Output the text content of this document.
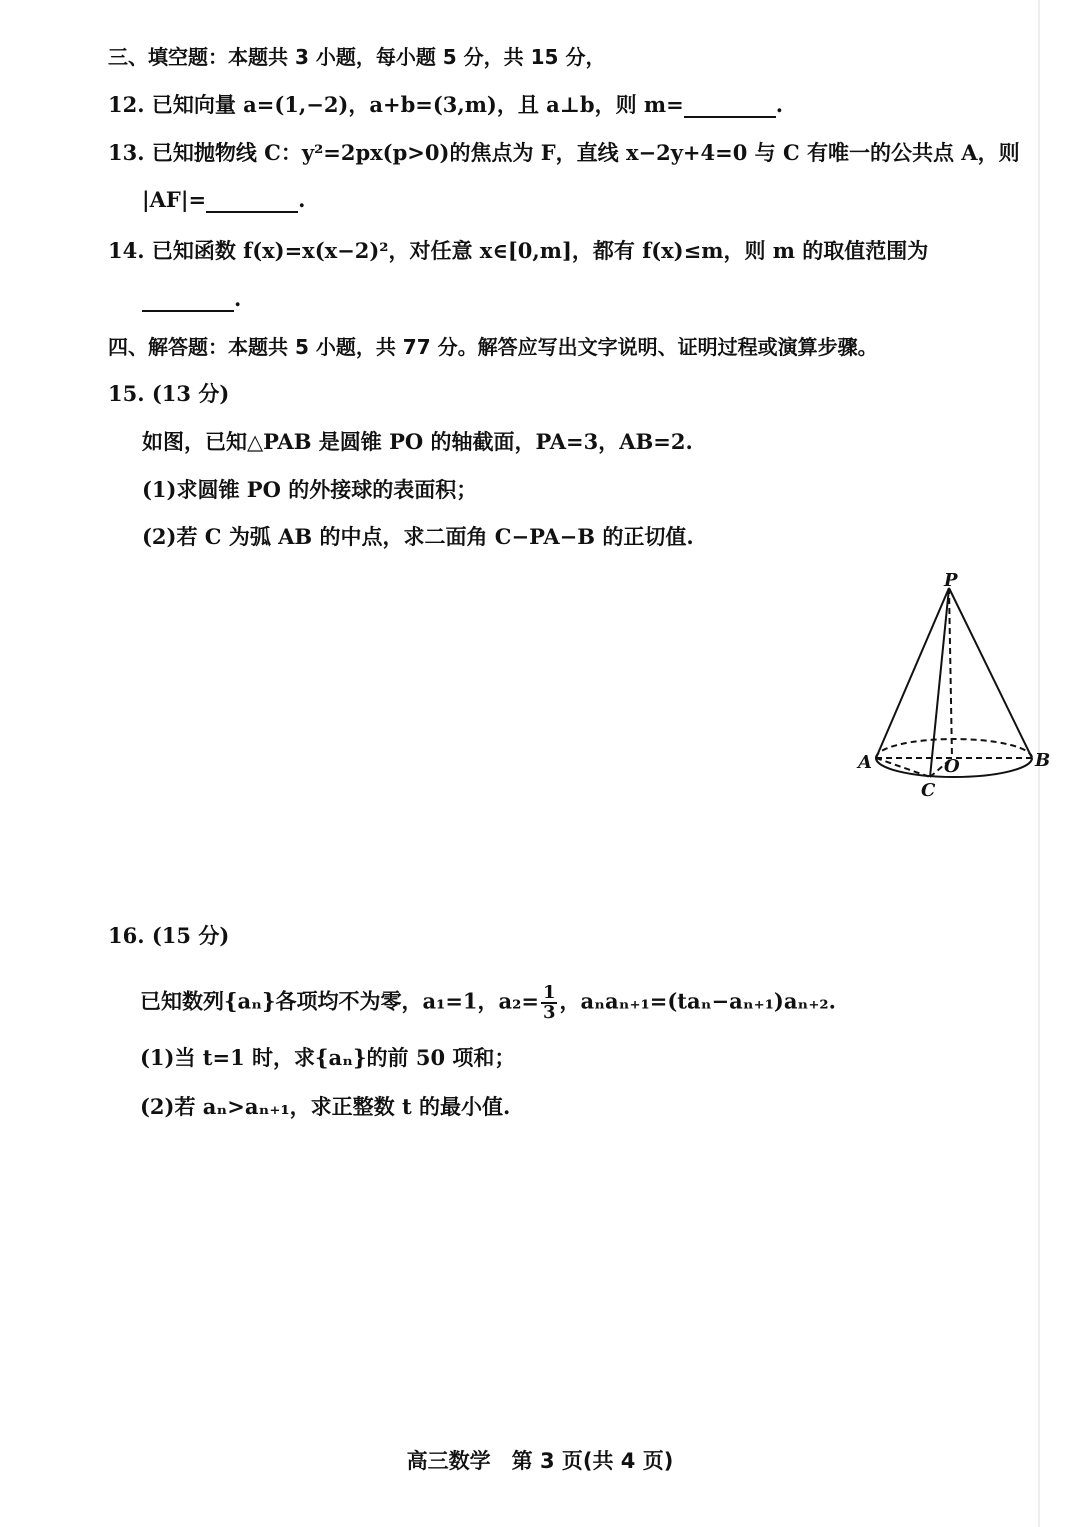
三、填空题：本题共 3 小题，每小题 5 分，共 15 分，
12. 已知向量 a=(1,−2)，a+b=(3,m)，且 a⊥b，则 m=	.
13. 已知抛物线 C：y²=2px(p>0)的焦点为 F，直线 x−2y+4=0 与 C 有唯一的公共点 A，则
|AF|=	.
14. 已知函数 f(x)=x(x−2)²，对任意 x∈[0,m]，都有 f(x)≤m，则 m 的取值范围为
.
四、解答题：本题共 5 小题，共 77 分。解答应写出文字说明、证明过程或演算步骤。
15. (13 分)
如图，已知△PAB 是圆锥 PO 的轴截面，PA=3，AB=2.
(1)求圆锥 PO 的外接球的表面积；
(2)若 C 为弧 AB 的中点，求二面角 C−PA−B 的正切值.
P
A	B
O
C
16. (15 分)
已知数列{aₙ}各项均不为零，a₁=1，$a_2= \frac{1}{3}$ ，aₙaₙ₊₁=(taₙ−aₙ₊₁)aₙ₊₂.
(1)当 t=1 时，求{aₙ}的前 50 项和；
(2)若 aₙ>aₙ₊₁，求正整数 t 的最小值.
高三数学　第 3 页(共 4 页)
